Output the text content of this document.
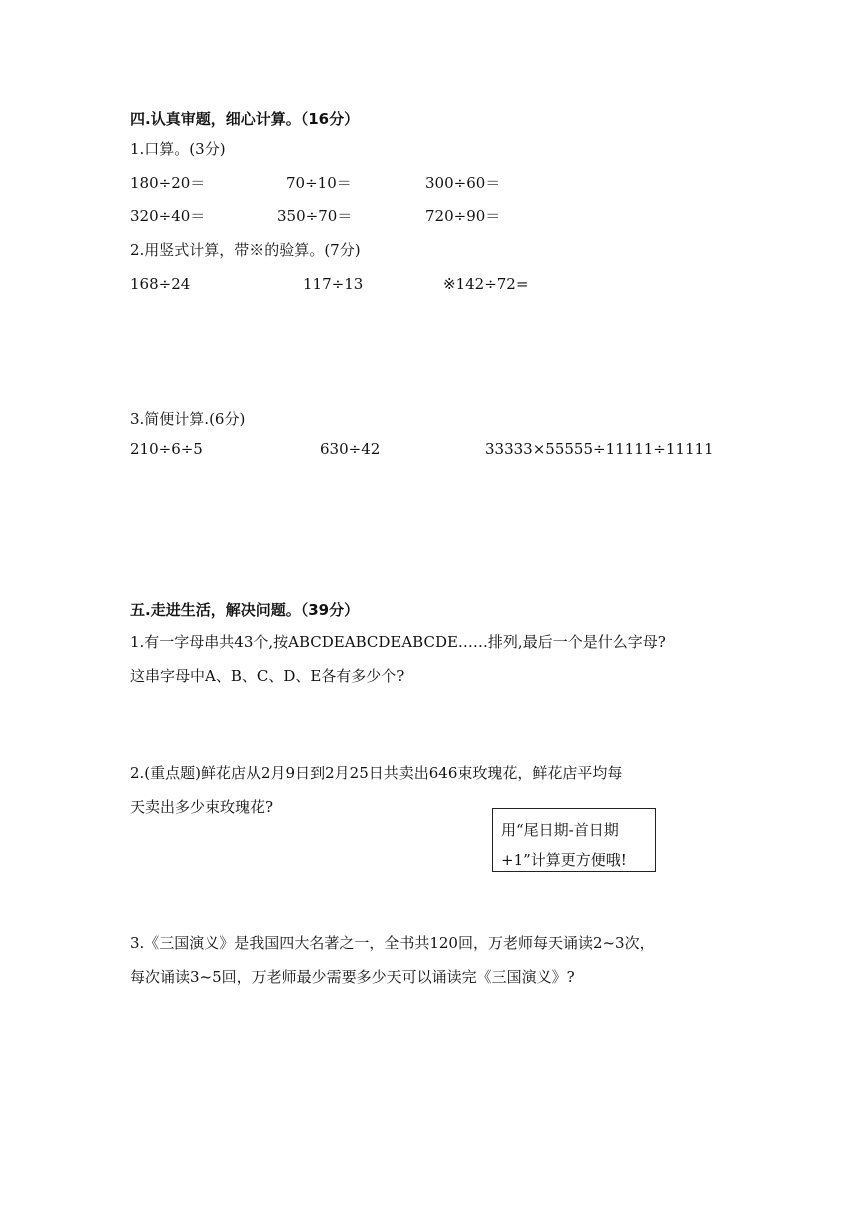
四.认真审题，细心计算。（16分）
1.口算。(3分)
180÷20＝	70÷10＝	300÷60＝
320÷40＝	350÷70＝	720÷90＝
2.用竖式计算，带※的验算。(7分)
168÷24	117÷13	※142÷72=
3.简便计算.(6分)
210÷6÷5	630÷42	33333×55555÷11111÷11111
五.走进生活，解决问题。（39分）
1.有一字母串共43个,按ABCDEABCDEABCDE……排列,最后一个是什么字母?
这串字母中A、B、C、D、E各有多少个?
2.(重点题)鲜花店从2月9日到2月25日共卖出646束玫瑰花，鲜花店平均每
天卖出多少束玫瑰花?
用“尾日期-首日期
+1”计算更方便哦!
3.《三国演义》是我国四大名著之一，全书共120回，万老师每天诵读2~3次，
每次诵读3~5回，万老师最少需要多少天可以诵读完《三国演义》?
